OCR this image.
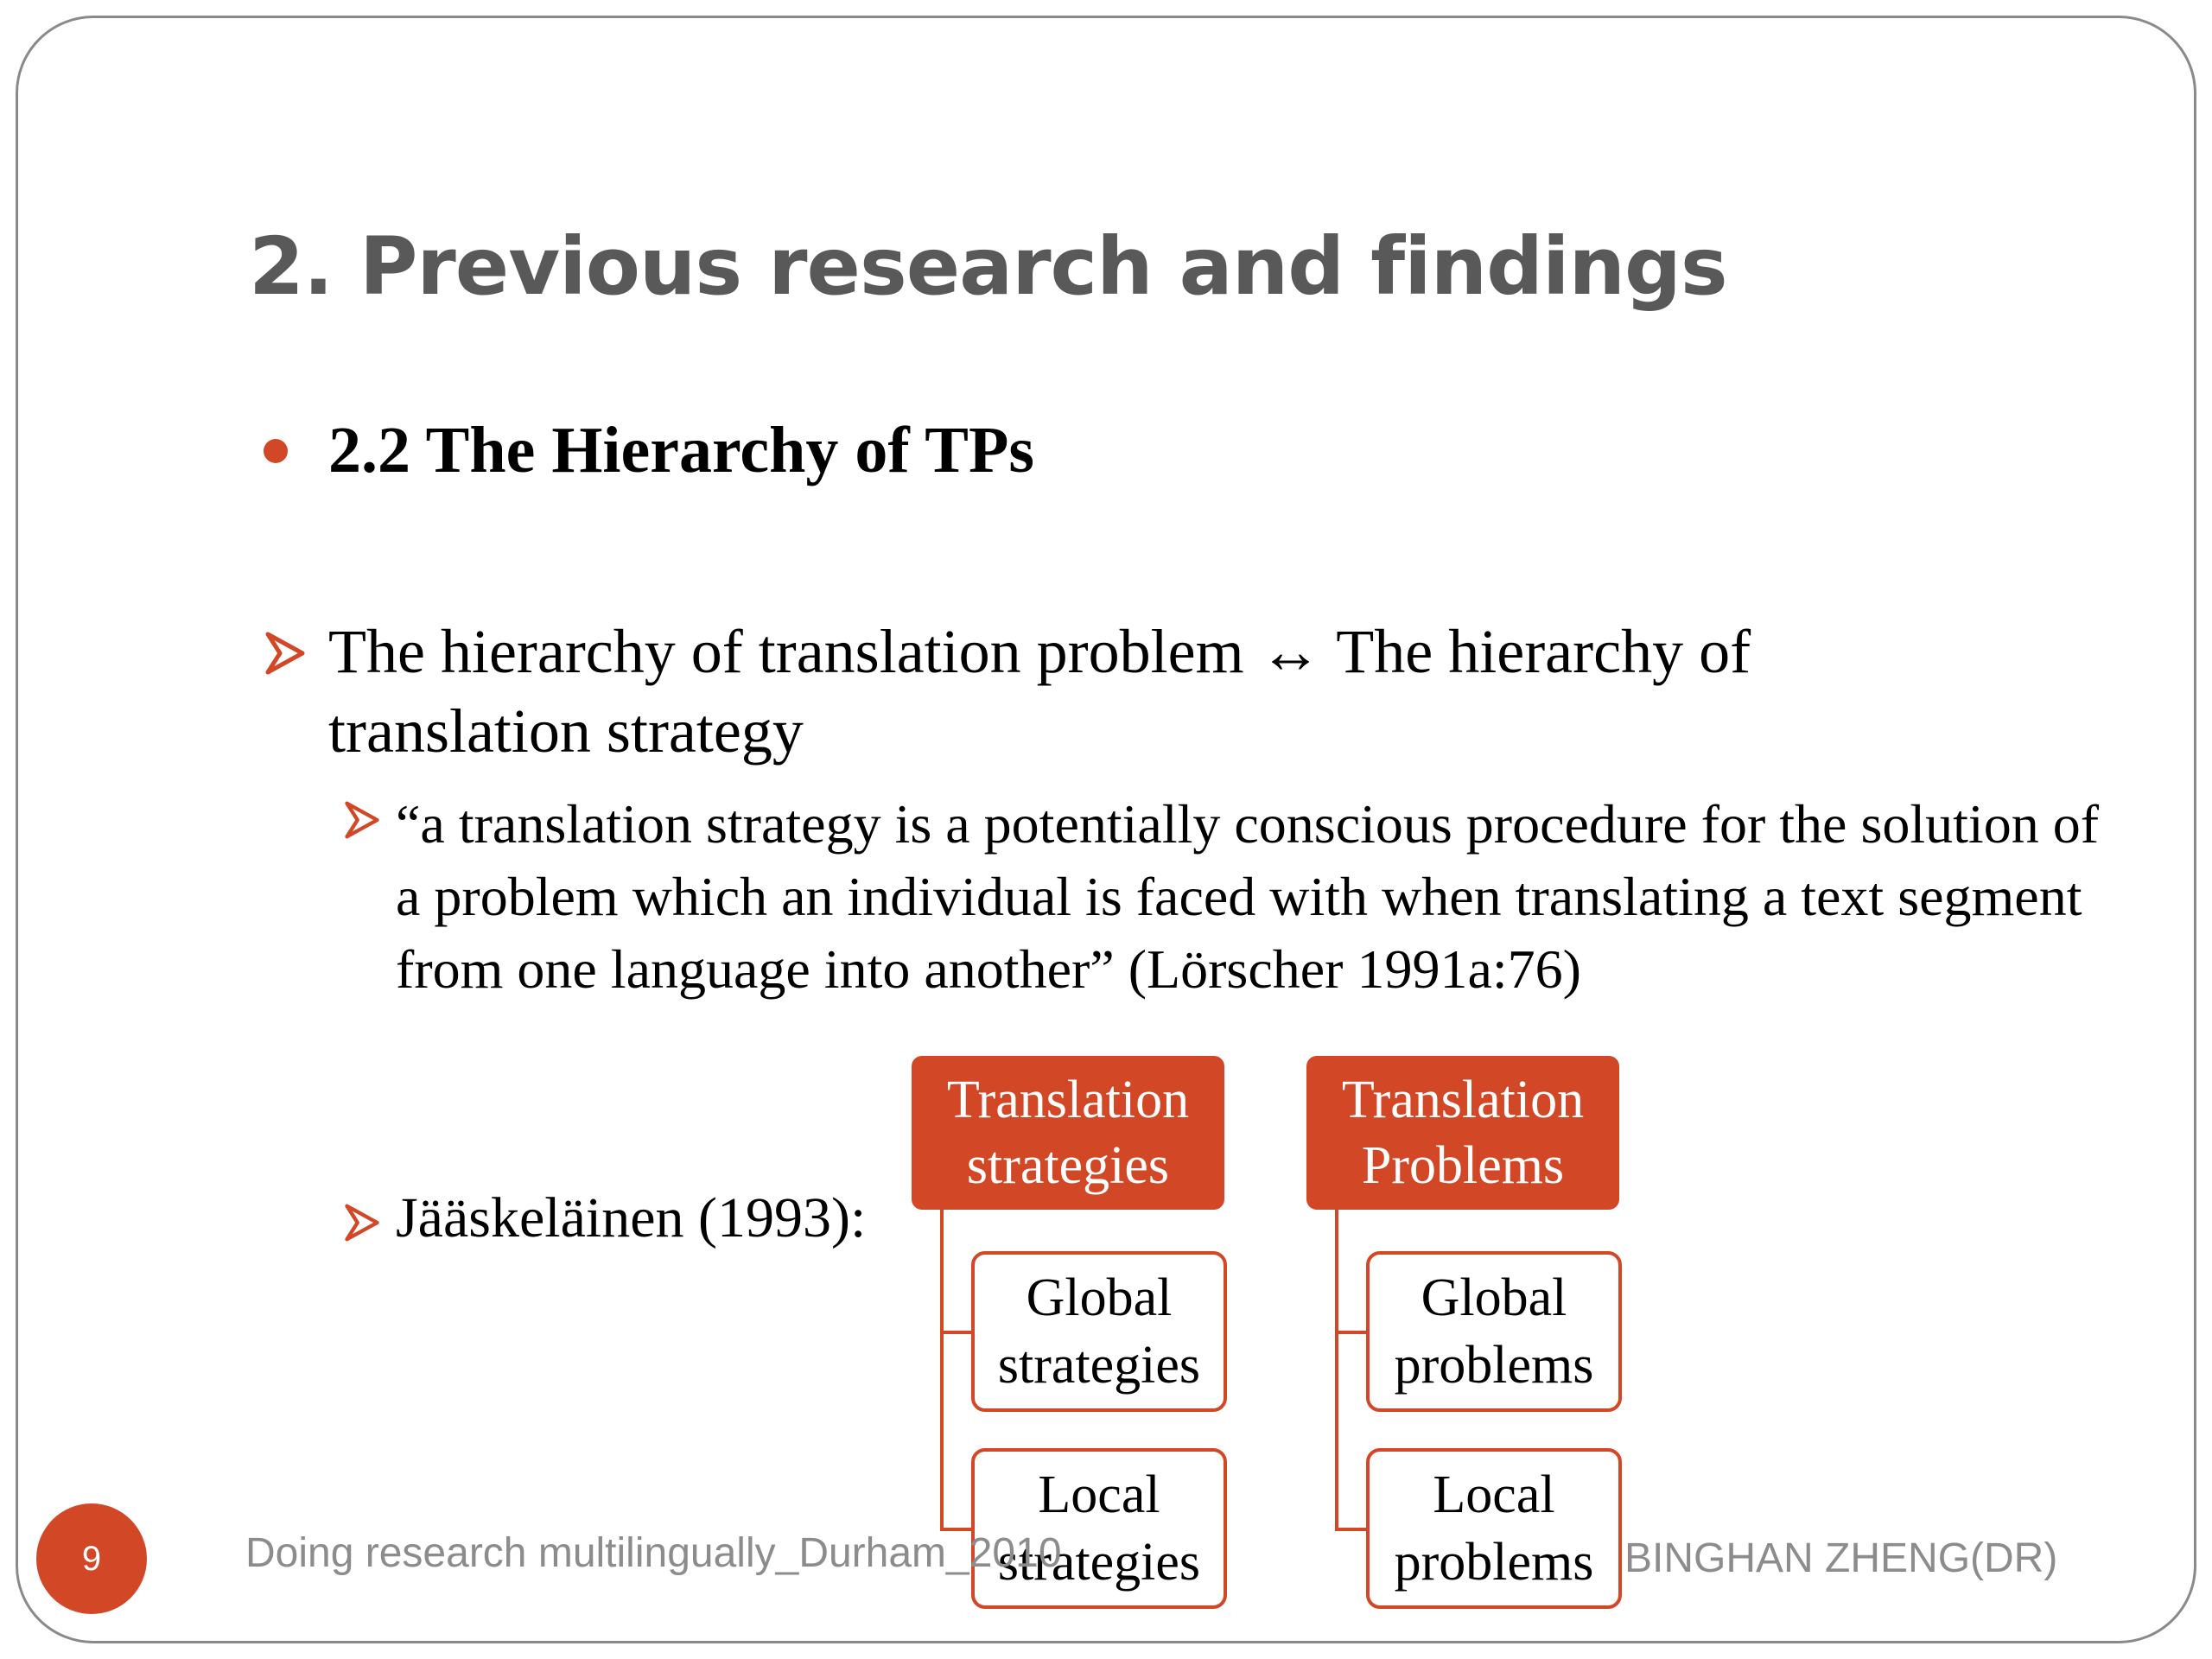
2. Previous research and findings
2.2 The Hierarchy of TPs
The hierarchy of translation problem ↔ The hierarchy of translation strategy
“a translation strategy is a potentially conscious procedure for the solution of a problem which an individual is faced with when translating a text segment from one language into another” (Lörscher 1991a:76)
Jääskeläinen (1993):
Translation strategies
Global strategies
Local strategies
Translation Problems
Global problems
Local problems
9	Doing research multilingually_Durham_2010	BINGHAN ZHENG(DR)
